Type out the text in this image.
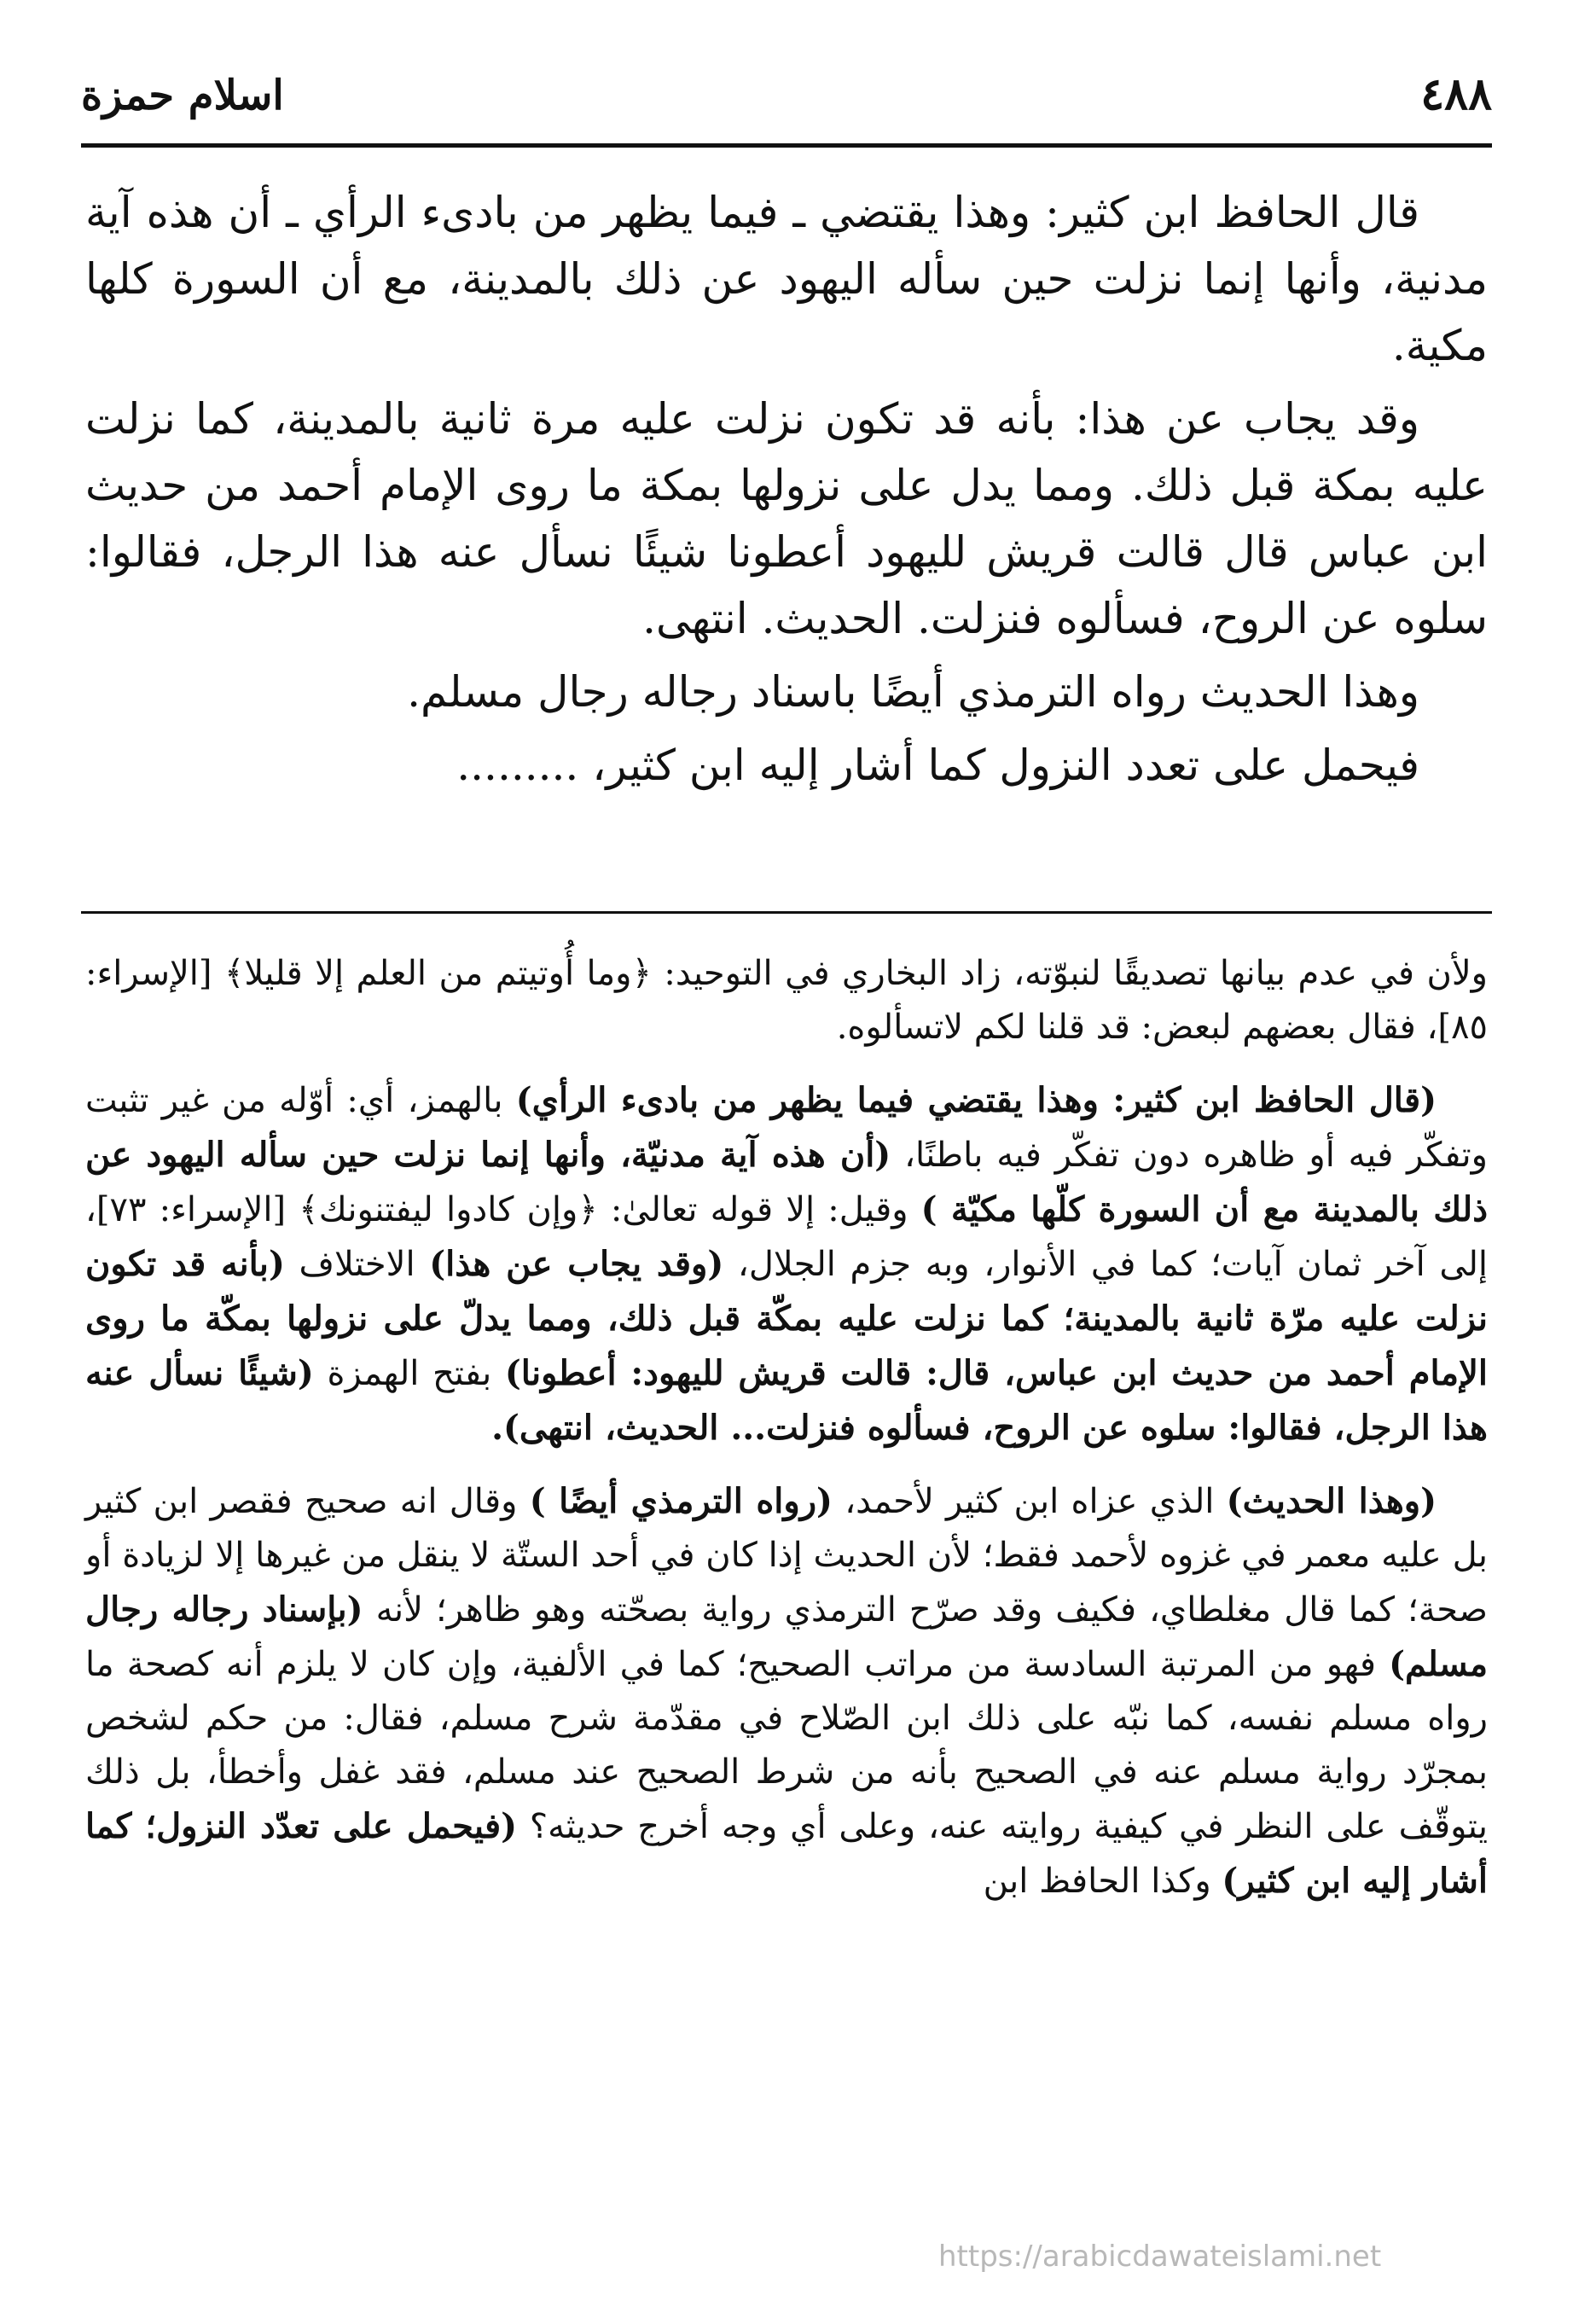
٤٨٨
اسلام حمزة

قال الحافظ ابن كثير: وهذا يقتضي ـ فيما يظهر من بادىء الرأي ـ أن هذه آية مدنية، وأنها إنما نزلت حين سأله اليهود عن ذلك بالمدينة، مع أن السورة كلها مكية.

وقد يجاب عن هذا: بأنه قد تكون نزلت عليه مرة ثانية بالمدينة، كما نزلت عليه بمكة قبل ذلك. ومما يدل على نزولها بمكة ما روى الإمام أحمد من حديث ابن عباس قال قالت قريش لليهود أعطونا شيئًا نسأل عنه هذا الرجل، فقالوا: سلوه عن الروح، فسألوه فنزلت. الحديث. انتهى.

وهذا الحديث رواه الترمذي أيضًا باسناد رجاله رجال مسلم.

فيحمل على تعدد النزول كما أشار إليه ابن كثير، .........

ولأن في عدم بيانها تصديقًا لنبوّته، زاد البخاري في التوحيد: ﴿وما أُوتيتم من العلم إلا قليلا﴾ [الإسراء: ٨٥]، فقال بعضهم لبعض: قد قلنا لكم لاتسألوه.

(قال الحافظ ابن كثير: وهذا يقتضي فيما يظهر من بادىء الرأي) بالهمز، أي: أوّله من غير تثبت وتفكّر فيه أو ظاهره دون تفكّر فيه باطنًا، (أن هذه آية مدنيّة، وأنها إنما نزلت حين سأله اليهود عن ذلك بالمدينة مع أن السورة كلّها مكيّة ) وقيل: إلا قوله تعالىٰ: ﴿وإن كادوا ليفتنونك﴾ [الإسراء: ٧٣]، إلى آخر ثمان آيات؛ كما في الأنوار، وبه جزم الجلال، (وقد يجاب عن هذا) الاختلاف (بأنه قد تكون نزلت عليه مرّة ثانية بالمدينة؛ كما نزلت عليه بمكّة قبل ذلك، ومما يدلّ على نزولها بمكّة ما روى الإمام أحمد من حديث ابن عباس، قال: قالت قريش لليهود: أعطونا) بفتح الهمزة (شيئًا نسأل عنه هذا الرجل، فقالوا: سلوه عن الروح، فسألوه فنزلت... الحديث، انتهى).

(وهذا الحديث) الذي عزاه ابن كثير لأحمد، (رواه الترمذي أيضًا ) وقال انه صحيح فقصر ابن كثير بل عليه معمر في غزوه لأحمد فقط؛ لأن الحديث إذا كان في أحد الستّة لا ينقل من غيرها إلا لزيادة أو صحة؛ كما قال مغلطاي، فكيف وقد صرّح الترمذي رواية بصحّته وهو ظاهر؛ لأنه (بإسناد رجاله رجال مسلم) فهو من المرتبة السادسة من مراتب الصحيح؛ كما في الألفية، وإن كان لا يلزم أنه كصحة ما رواه مسلم نفسه، كما نبّه على ذلك ابن الصّلاح في مقدّمة شرح مسلم، فقال: من حكم لشخص بمجرّد رواية مسلم عنه في الصحيح بأنه من شرط الصحيح عند مسلم، فقد غفل وأخطأ، بل ذلك يتوقّف على النظر في كيفية روايته عنه، وعلى أي وجه أخرج حديثه؟ (فيحمل على تعدّد النزول؛ كما أشار إليه ابن كثير) وكذا الحافظ ابن

https://arabicdawateislami.net
